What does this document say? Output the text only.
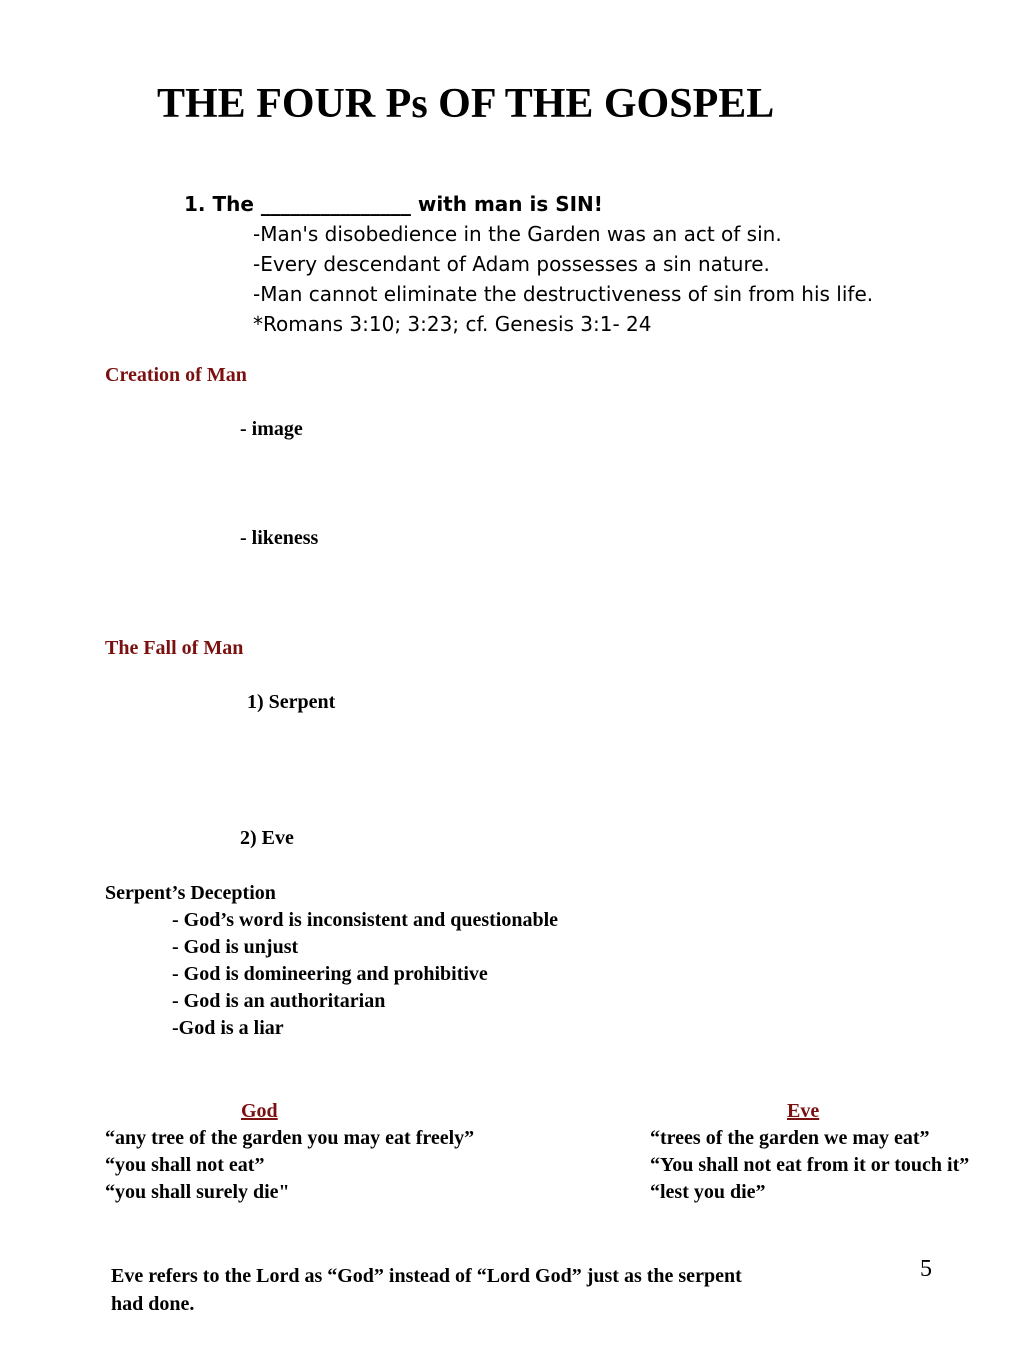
THE FOUR Ps OF THE GOSPEL
1. The _______________ with man is SIN!
-Man's disobedience in the Garden was an act of sin.
-Every descendant of Adam possesses a sin nature.
-Man cannot eliminate the destructiveness of sin from his life.
*Romans 3:10; 3:23; cf. Genesis 3:1- 24
Creation of Man
- image
- likeness
The Fall of Man
1) Serpent
2) Eve
Serpent’s Deception
- God’s word is inconsistent and questionable
- God is unjust
- God is domineering and prohibitive
- God is an authoritarian
-God is a liar
God	Eve
“any tree of the garden you may eat freely”
“you shall not eat”
“you shall surely die"
“trees of the garden we may eat”
“You shall not eat from it or touch it”
“lest you die”
Eve refers to the Lord as “God” instead of “Lord God” just as the serpent had done.
5
